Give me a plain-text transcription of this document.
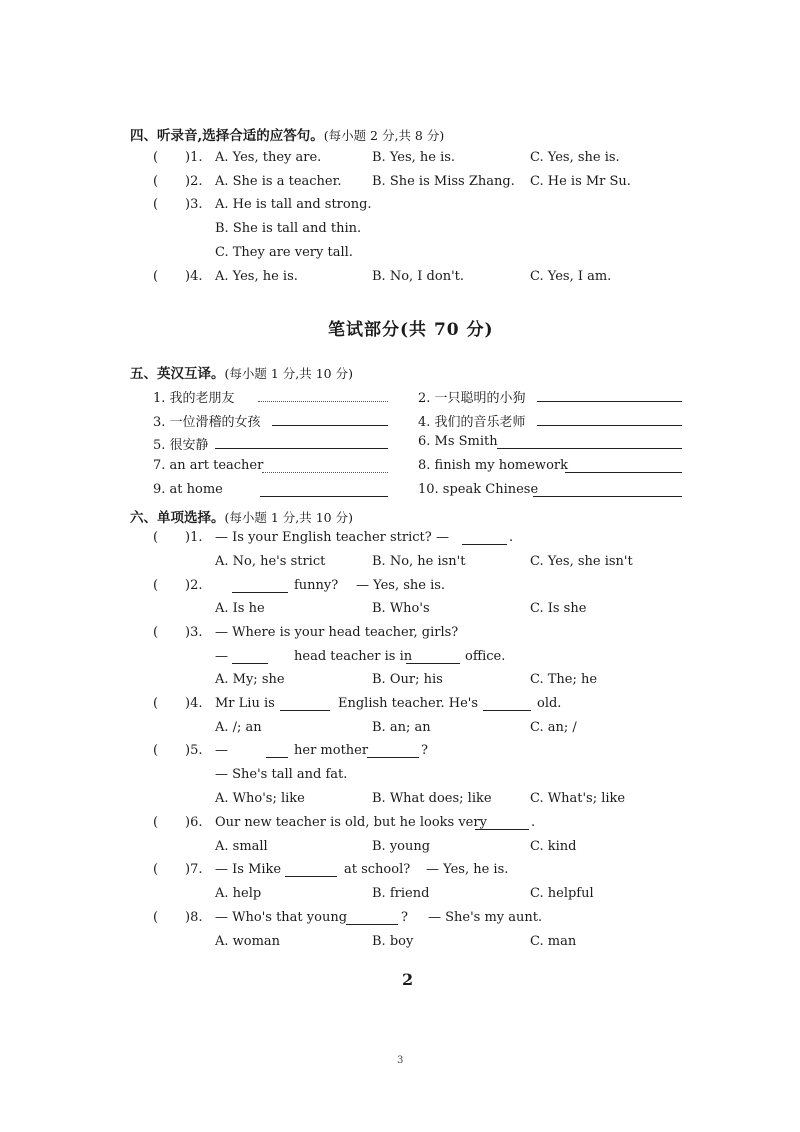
四、听录音,选择合适的应答句。(每小题 2 分,共 8 分)
( )1. A. Yes, they are.	B. Yes, he is.	C. Yes, she is.
( )2. A. She is a teacher. B. She is Miss Zhang. C. He is Mr Su.
( )3. A. He is tall and strong.
B. She is tall and thin.
C. They are very tall.
( )4. A. Yes, he is.	B. No, I don't.	C. Yes, I am.
笔试部分(共 70 分)
五、英汉互译。(每小题 1 分,共 10 分)
1. 我的老朋友	2. 一只聪明的小狗
3. 一位滑稽的女孩	4. 我们的音乐老师
5. 很安静	6. Ms Smith
7. an art teacher	8. finish my homework
9. at home	10. speak Chinese
六、单项选择。(每小题 1 分,共 10 分)
( )1. — Is your English teacher strict? —	.
A. No, he's strict	B. No, he isn't	C. Yes, she isn't
( )2.	funny? — Yes, she is.
A. Is he	B. Who's	C. Is she
( )3. — Where is your head teacher, girls?
—	head teacher is in	office.
A. My; she	B. Our; his	C. The; he
( )4. Mr Liu is	English teacher. He's	old.
A. /; an	B. an; an	C. an; /
( )5. —	her mother	?
— She's tall and fat.
A. Who's; like	B. What does; like	C. What's; like
( )6. Our new teacher is old, but he looks very	.
A. small	B. young	C. kind
( )7. — Is Mike	at school? — Yes, he is.
A. help	B. friend	C. helpful
( )8. — Who's that young	? — She's my aunt.
A. woman	B. boy	C. man
2
3
